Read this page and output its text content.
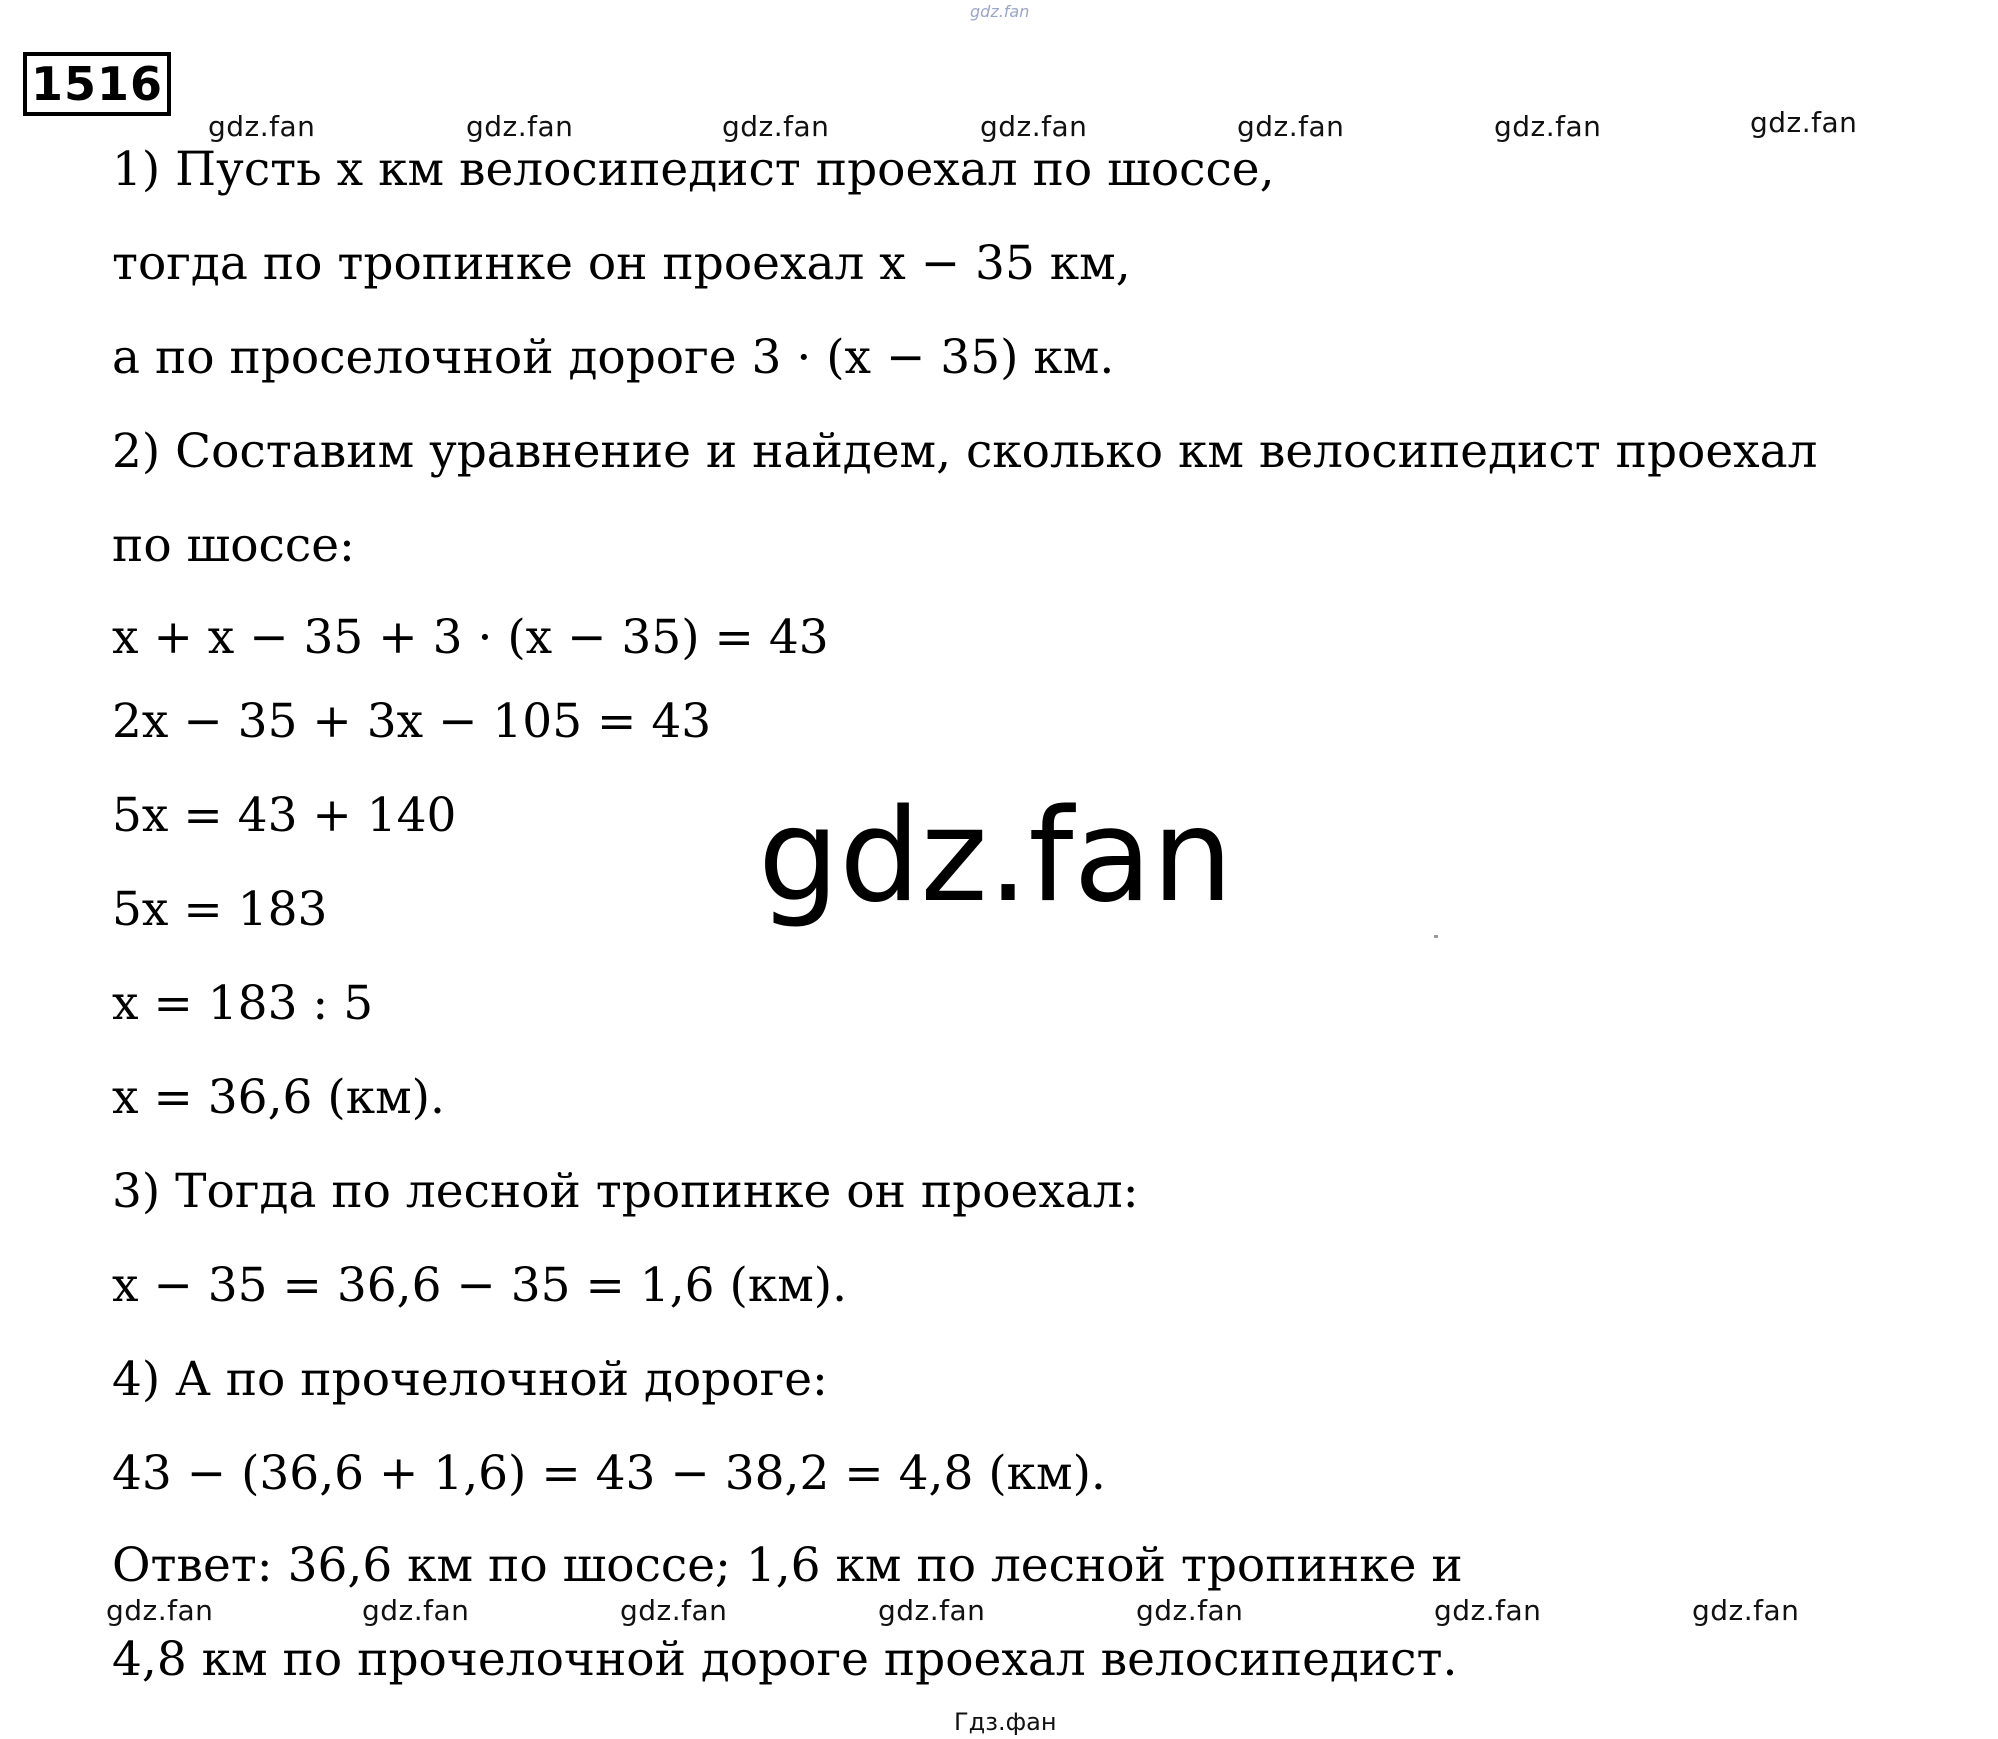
gdz.fan
1516
gdz.fan	gdz.fan	gdz.fan	gdz.fan	gdz.fan	gdz.fan	gdz.fan
1) Пусть x км велосипедист проехал по шоссе,
тогда по тропинке он проехал x − 35 км,
а по проселочной дороге 3 · (x − 35) км.
2) Составим уравнение и найдем, сколько км велосипедист проехал
по шоссе:
x + x − 35 + 3 · (x − 35) = 43
2x − 35 + 3x − 105 = 43
5x = 43 + 140
5x = 183
x = 183 : 5
x = 36,6 (км).
3) Тогда по лесной тропинке он проехал:
x − 35 = 36,6 − 35 = 1,6 (км).
4) А по прочелочной дороге:
43 − (36,6 + 1,6) = 43 − 38,2 = 4,8 (км).
Ответ: 36,6 км по шоссе; 1,6 км по лесной тропинке и
4,8 км по прочелочной дороге проехал велосипедист.
gdz.fan
gdz.fan	gdz.fan	gdz.fan	gdz.fan	gdz.fan	gdz.fan	gdz.fan
Гдз.фан
